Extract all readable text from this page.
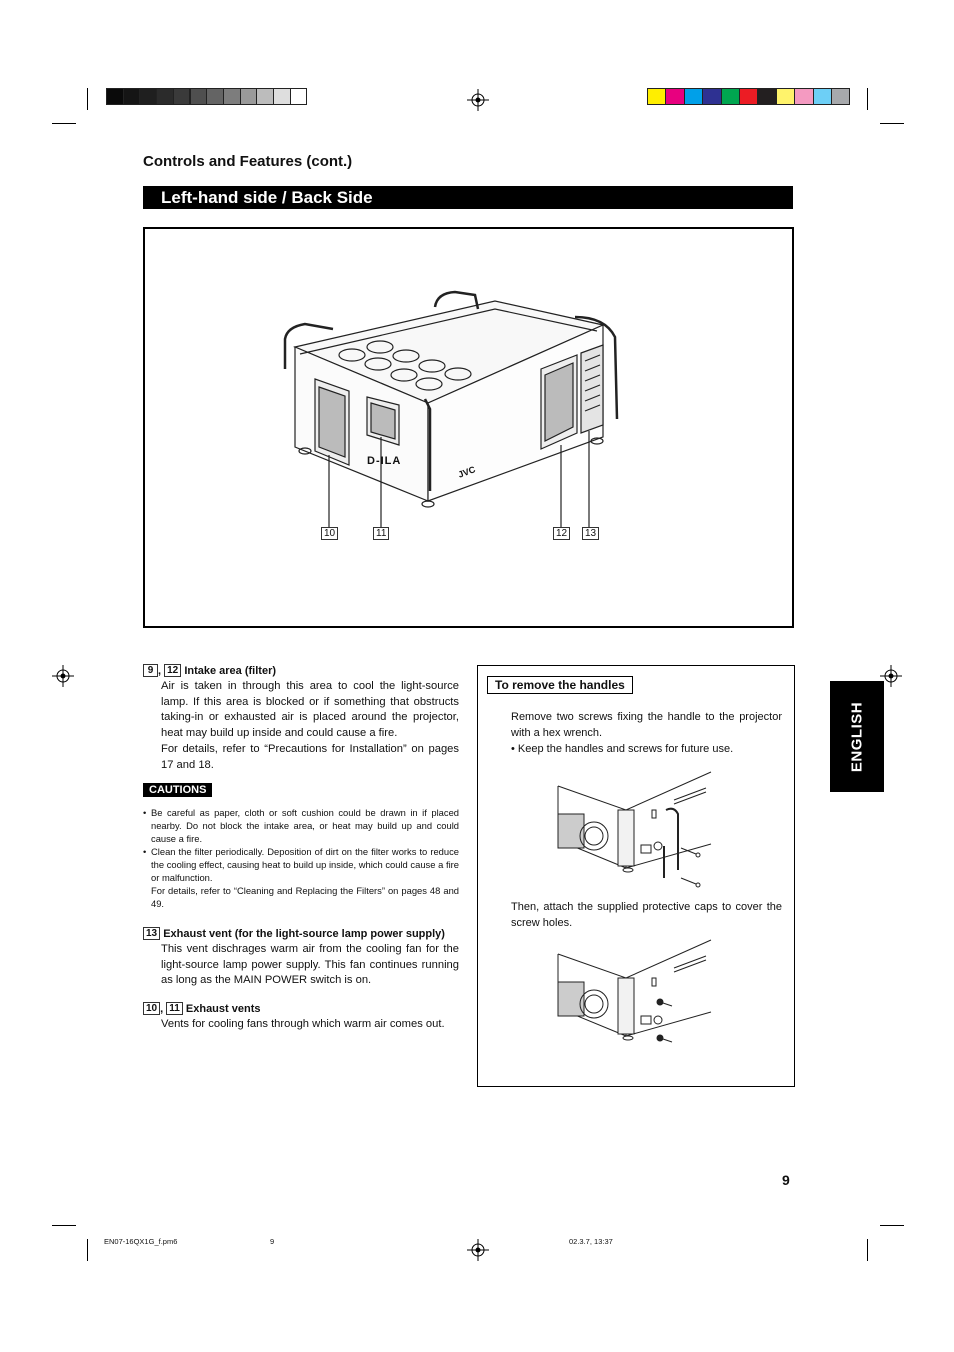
Controls and Features (cont.)
Left-hand side / Back Side
D-ILA
JVC
10	11	12	13
9 , 12 Intake area (filter)
Air is taken in through this area to cool the light-source lamp. If this area is blocked or if something that obstructs taking-in or exhausted air is placed around the projector, heat may build up inside and could cause a fire.
For details, refer to “Precautions for Installation” on pages 17 and 18.
CAUTIONS
• Be careful as paper, cloth or soft cushion could be drawn in if placed nearby. Do not block the intake area, or heat may build up and could cause a fire.
• Clean the filter periodically. Deposition of dirt on the filter works to reduce the cooling effect, causing heat to build up inside, which could cause a fire or malfunction.
For details, refer to “Cleaning and Replacing the Filters” on pages 48 and 49.
13 Exhaust vent (for the light-source lamp power supply)
This vent dischrages warm air from the cooling fan for the light-source lamp power supply. This fan continues running as long as the MAIN POWER switch is on.
10 , 11 Exhaust vents
Vents for cooling fans through which warm air comes out.
To remove the handles
Remove two screws fixing the handle to the projector with a hex wrench.
• Keep the handles and screws for future use.
Then, attach the supplied protective caps to cover the screw holes.
ENGLISH
9
EN07-16QX1G_f.pm6	9	02.3.7, 13:37
